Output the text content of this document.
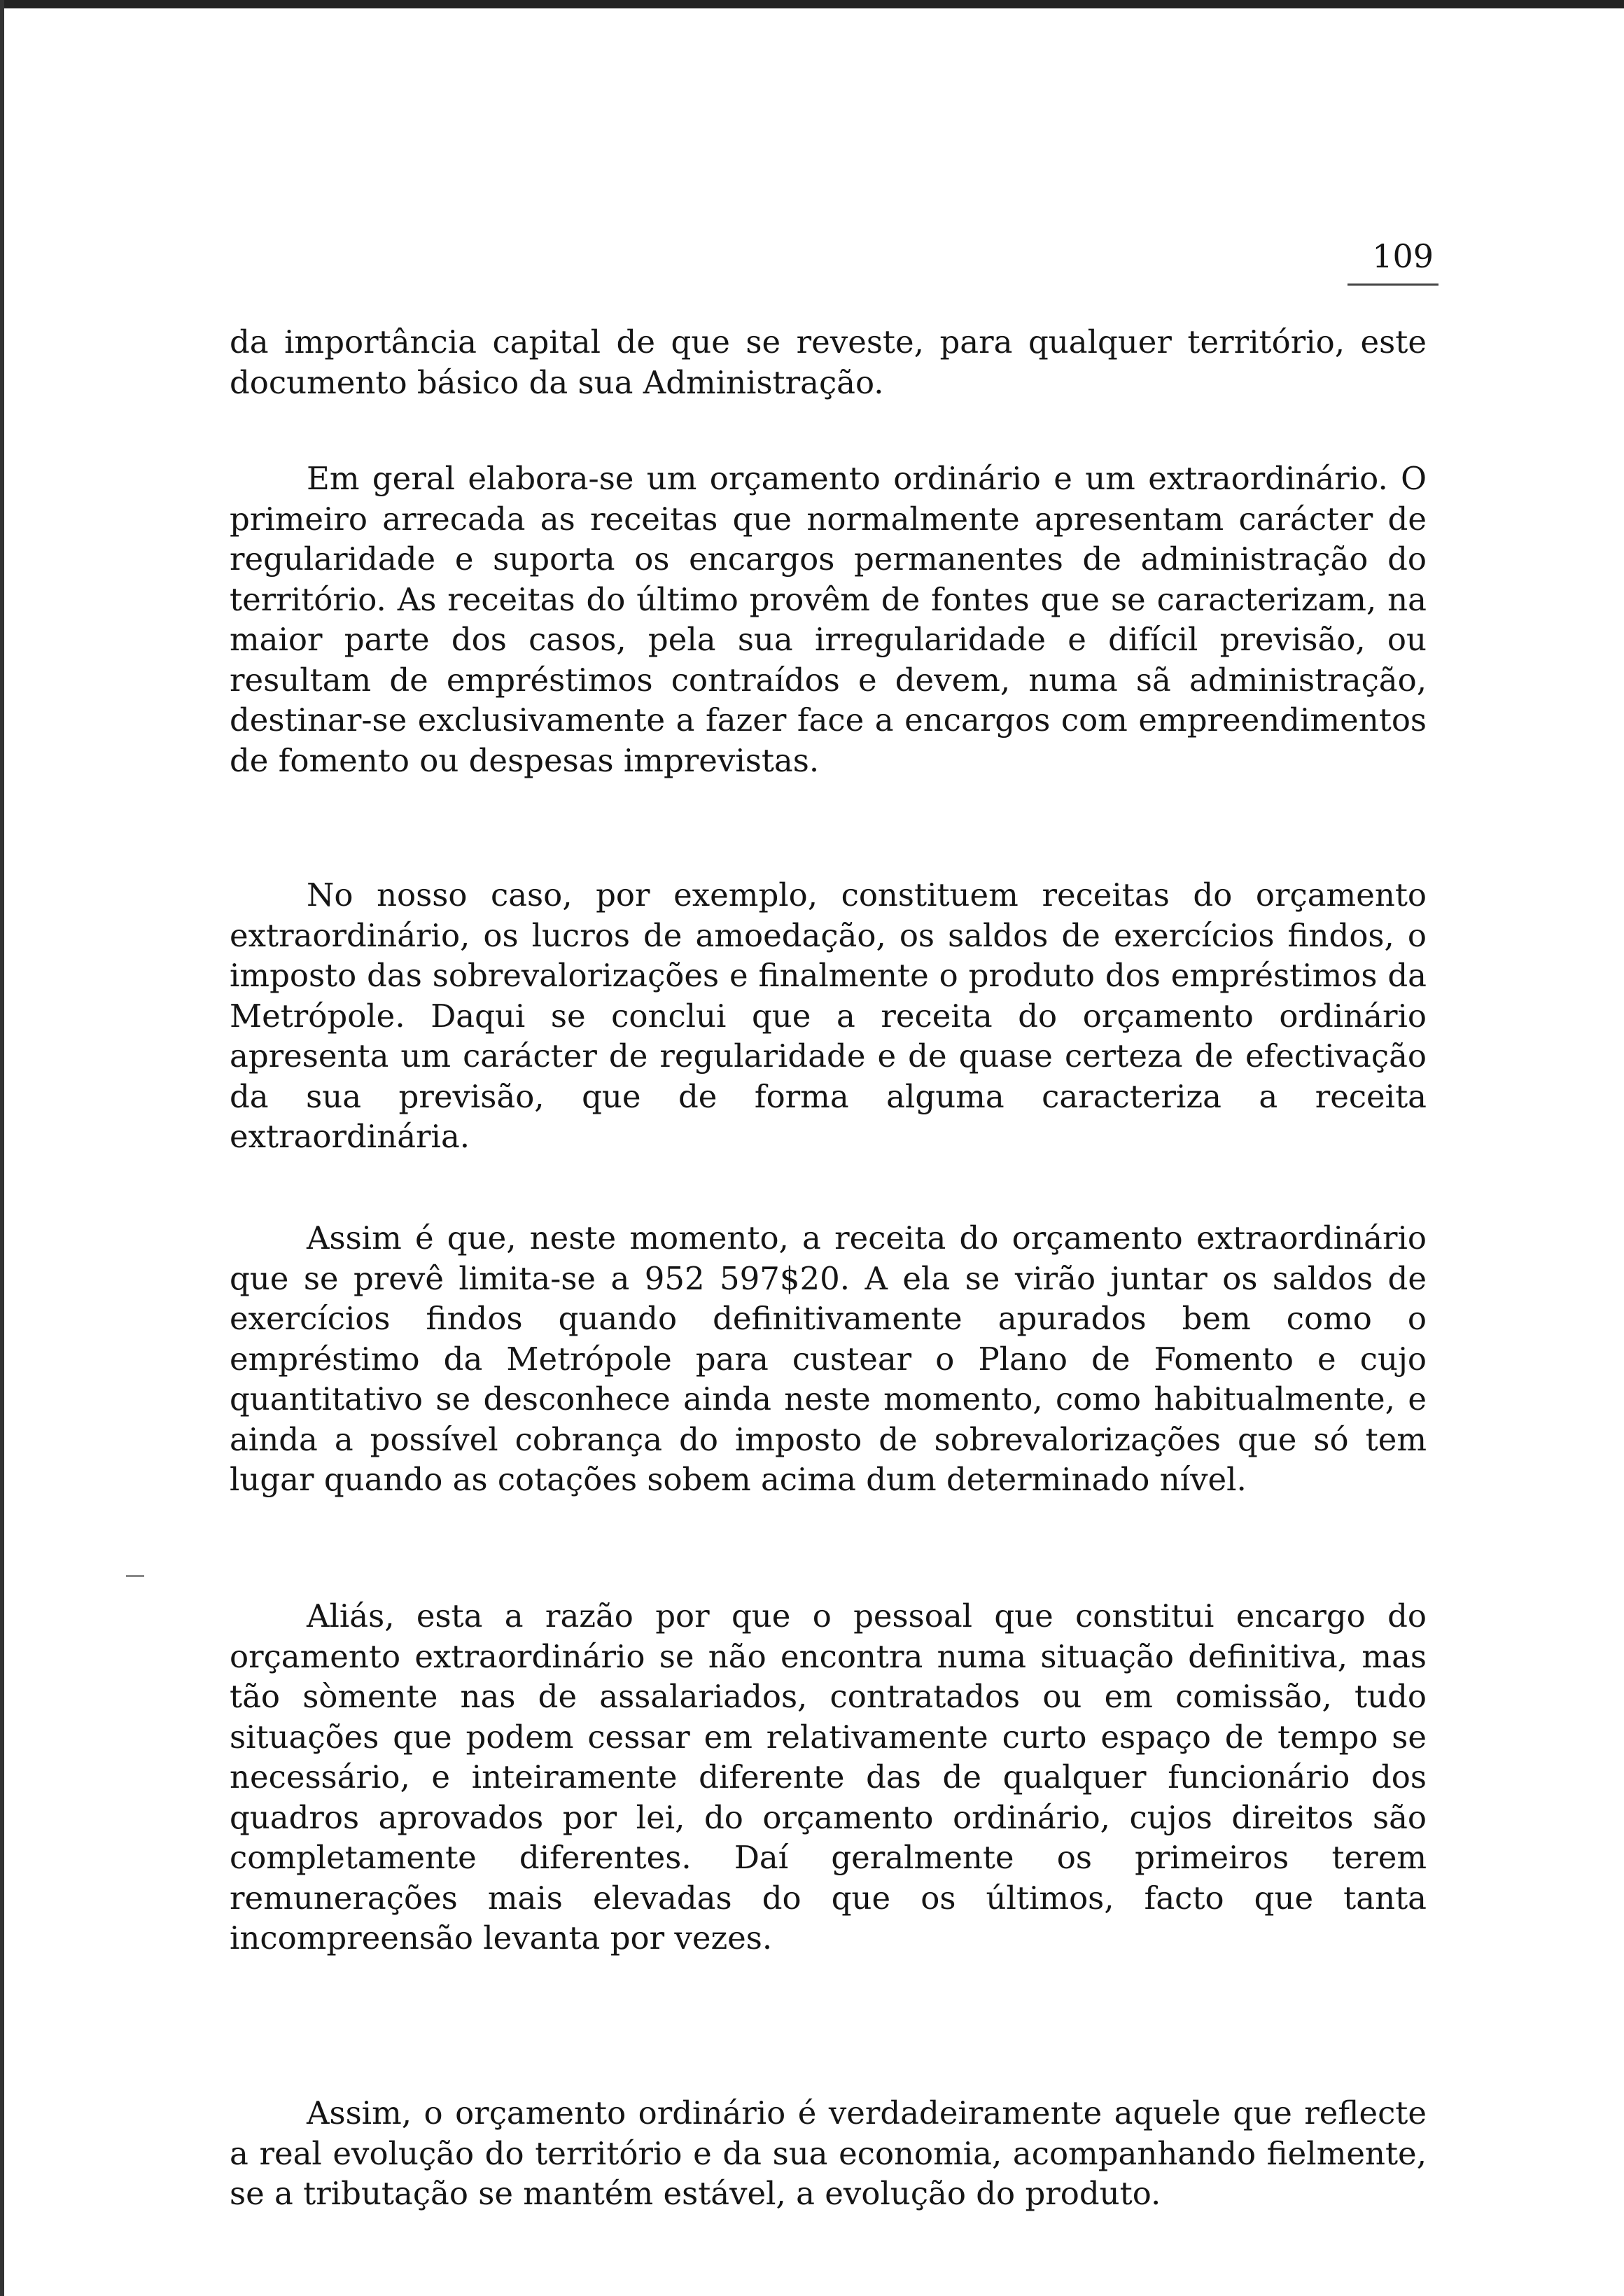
109

da importância capital de que se reveste, para qualquer território, este documento básico da sua Administração.

Em geral elabora-se um orçamento ordinário e um extraordinário. O primeiro arrecada as receitas que normalmente apresentam carácter de regularidade e suporta os encargos permanentes de administração do território. As receitas do último provêm de fontes que se caracterizam, na maior parte dos casos, pela sua irregularidade e difícil previsão, ou resultam de empréstimos contraídos e devem, numa sã administração, destinar-se exclusivamente a fazer face a encargos com empreendimentos de fomento ou despesas imprevistas.

No nosso caso, por exemplo, constituem receitas do orçamento extraordinário, os lucros de amoedação, os saldos de exercícios findos, o imposto das sobrevalorizações e finalmente o produto dos empréstimos da Metrópole. Daqui se conclui que a receita do orçamento ordinário apresenta um carácter de regularidade e de quase certeza de efectivação da sua previsão, que de forma alguma caracteriza a receita extraordinária.

Assim é que, neste momento, a receita do orçamento extraordinário que se prevê limita-se a 952 597$20. A ela se virão juntar os saldos de exercícios findos quando definitivamente apurados bem como o empréstimo da Metrópole para custear o Plano de Fomento e cujo quantitativo se desconhece ainda neste momento, como habitualmente, e ainda a possível cobrança do imposto de sobrevalorizações que só tem lugar quando as cotações sobem acima dum determinado nível.

Aliás, esta a razão por que o pessoal que constitui encargo do orçamento extraordinário se não encontra numa situação definitiva, mas tão sòmente nas de assalariados, contratados ou em comissão, tudo situações que podem cessar em relativamente curto espaço de tempo se necessário, e inteiramente diferente das de qualquer funcionário dos quadros aprovados por lei, do orçamento ordinário, cujos direitos são completamente diferentes. Daí geralmente os primeiros terem remunerações mais elevadas do que os últimos, facto que tanta incompreensão levanta por vezes.

Assim, o orçamento ordinário é verdadeiramente aquele que reflecte a real evolução do território e da sua economia, acompanhando fielmente, se a tributação se mantém estável, a evolução do produto.
